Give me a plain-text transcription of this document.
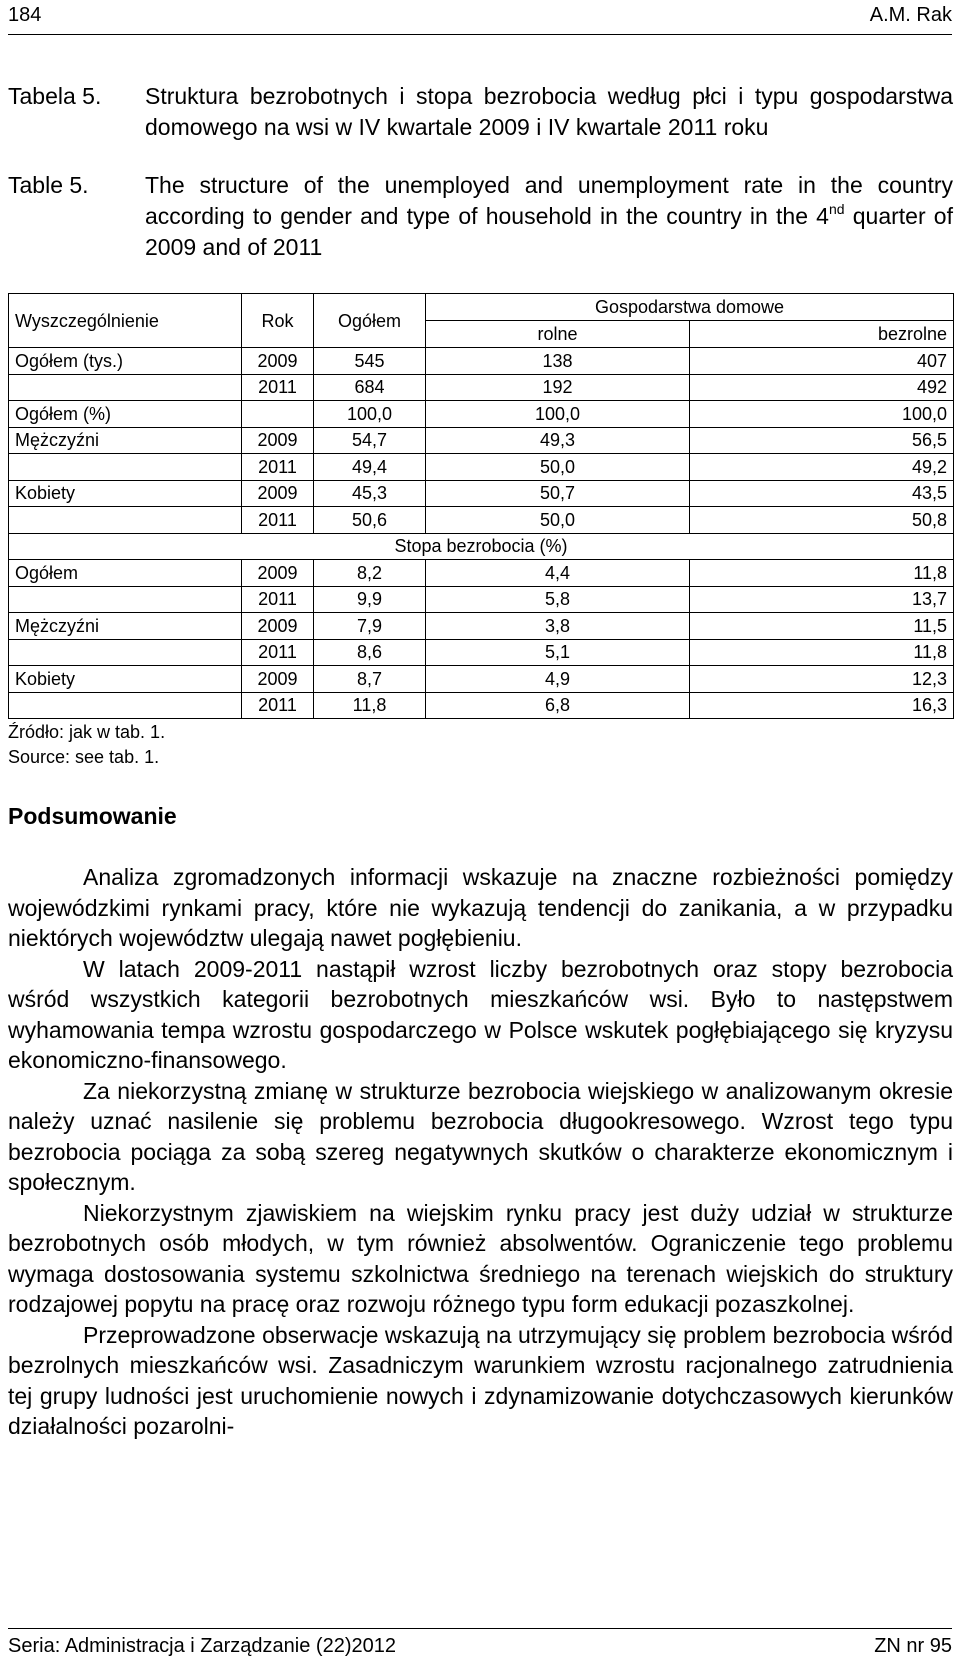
184	A.M. Rak
Tabela 5. Struktura bezrobotnych i stopa bezrobocia według płci i typu gospodarstwa domowego na wsi w IV kwartale 2009 i IV kwartale 2011 roku
Table 5. The structure of the unemployed and unemployment rate in the country according to gender and type of household in the country in the 4nd quarter of 2009 and of 2011
Wyszczególnienie	Rok	Ogółem	Gospodarstwa domowe	
			rolne	bezrolne
Ogółem (tys.)	2009	545	138	407
	2011	684	192	492
Ogółem (%)		100,0	100,0	100,0
Mężczyźni	2009	54,7	49,3	56,5
	2011	49,4	50,0	49,2
Kobiety	2009	45,3	50,7	43,5
	2011	50,6	50,0	50,8
Stopa bezrobocia (%)				
Ogółem	2009	8,2	4,4	11,8
	2011	9,9	5,8	13,7
Mężczyźni	2009	7,9	3,8	11,5
	2011	8,6	5,1	11,8
Kobiety	2009	8,7	4,9	12,3
	2011	11,8	6,8	16,3
Źródło: jak w tab. 1.
Source: see tab. 1.
Podsumowanie

Analiza zgromadzonych informacji wskazuje na znaczne rozbieżności pomiędzy wojewódzkimi rynkami pracy, które nie wykazują tendencji do zanikania, a w przypadku niektórych województw ulegają nawet pogłębieniu.

W latach 2009-2011 nastąpił wzrost liczby bezrobotnych oraz stopy bezrobocia wśród wszystkich kategorii bezrobotnych mieszkańców wsi. Było to następstwem wyhamowania tempa wzrostu gospodarczego w Polsce wskutek pogłębiającego się kryzysu ekonomiczno-finansowego.

Za niekorzystną zmianę w strukturze bezrobocia wiejskiego w analizowanym okresie należy uznać nasilenie się problemu bezrobocia długookresowego. Wzrost tego typu bezrobocia pociąga za sobą szereg negatywnych skutków o charakterze ekonomicznym i społecznym.

Niekorzystnym zjawiskiem na wiejskim rynku pracy jest duży udział w strukturze bezrobotnych osób młodych, w tym również absolwentów. Ograniczenie tego problemu wymaga dostosowania systemu szkolnictwa średniego na terenach wiejskich do struktury rodzajowej popytu na pracę oraz rozwoju różnego typu form edukacji pozaszkolnej.

Przeprowadzone obserwacje wskazują na utrzymujący się problem bezrobocia wśród bezrolnych mieszkańców wsi. Zasadniczym warunkiem wzrostu racjonalnego zatrudnienia tej grupy ludności jest uruchomienie nowych i zdynamizowanie dotychczasowych kierunków działalności pozarolni-

Seria: Administracja i Zarządzanie (22)2012	ZN nr 95
